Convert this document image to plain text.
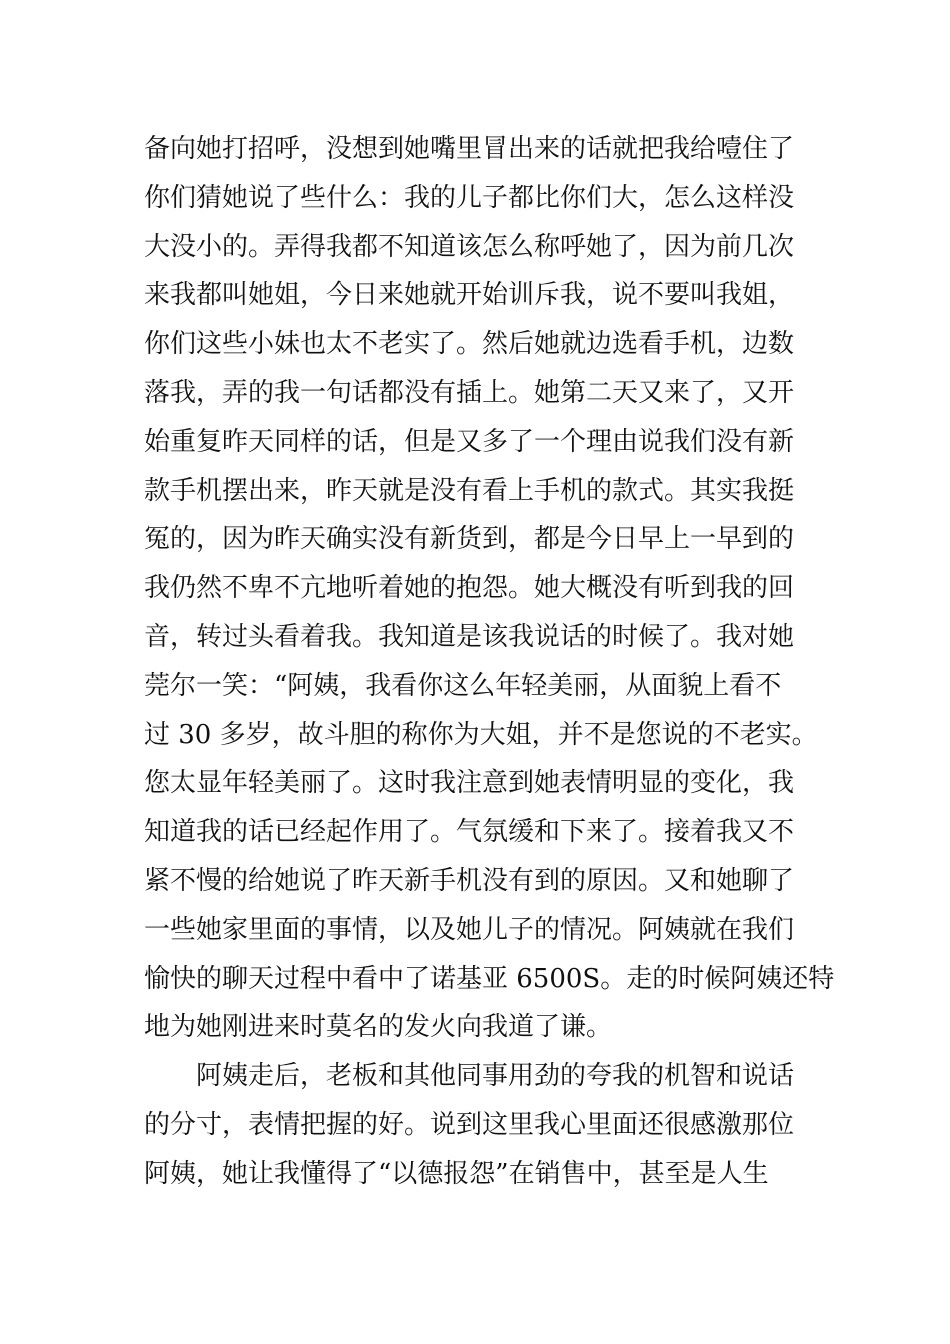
备向她打招呼，没想到她嘴里冒出来的话就把我给噎住了
你们猜她说了些什么：我的儿子都比你们大，怎么这样没
大没小的。弄得我都不知道该怎么称呼她了，因为前几次
来我都叫她姐，今日来她就开始训斥我，说不要叫我姐，
你们这些小妹也太不老实了。然后她就边选看手机，边数
落我，弄的我一句话都没有插上。她第二天又来了，又开
始重复昨天同样的话，但是又多了一个理由说我们没有新
款手机摆出来，昨天就是没有看上手机的款式。其实我挺
冤的，因为昨天确实没有新货到，都是今日早上一早到的
我仍然不卑不亢地听着她的抱怨。她大概没有听到我的回
音，转过头看着我。我知道是该我说话的时候了。我对她
莞尔一笑：“阿姨，我看你这么年轻美丽，从面貌上看不
过 30 多岁，故斗胆的称你为大姐，并不是您说的不老实。
您太显年轻美丽了。这时我注意到她表情明显的变化，我
知道我的话已经起作用了。气氛缓和下来了。接着我又不
紧不慢的给她说了昨天新手机没有到的原因。又和她聊了
一些她家里面的事情，以及她儿子的情况。阿姨就在我们
愉快的聊天过程中看中了诺基亚 6500S。走的时候阿姨还特
地为她刚进来时莫名的发火向我道了谦。
阿姨走后，老板和其他同事用劲的夸我的机智和说话
的分寸，表情把握的好。说到这里我心里面还很感激那位
阿姨，她让我懂得了“以德报怨”在销售中，甚至是人生
